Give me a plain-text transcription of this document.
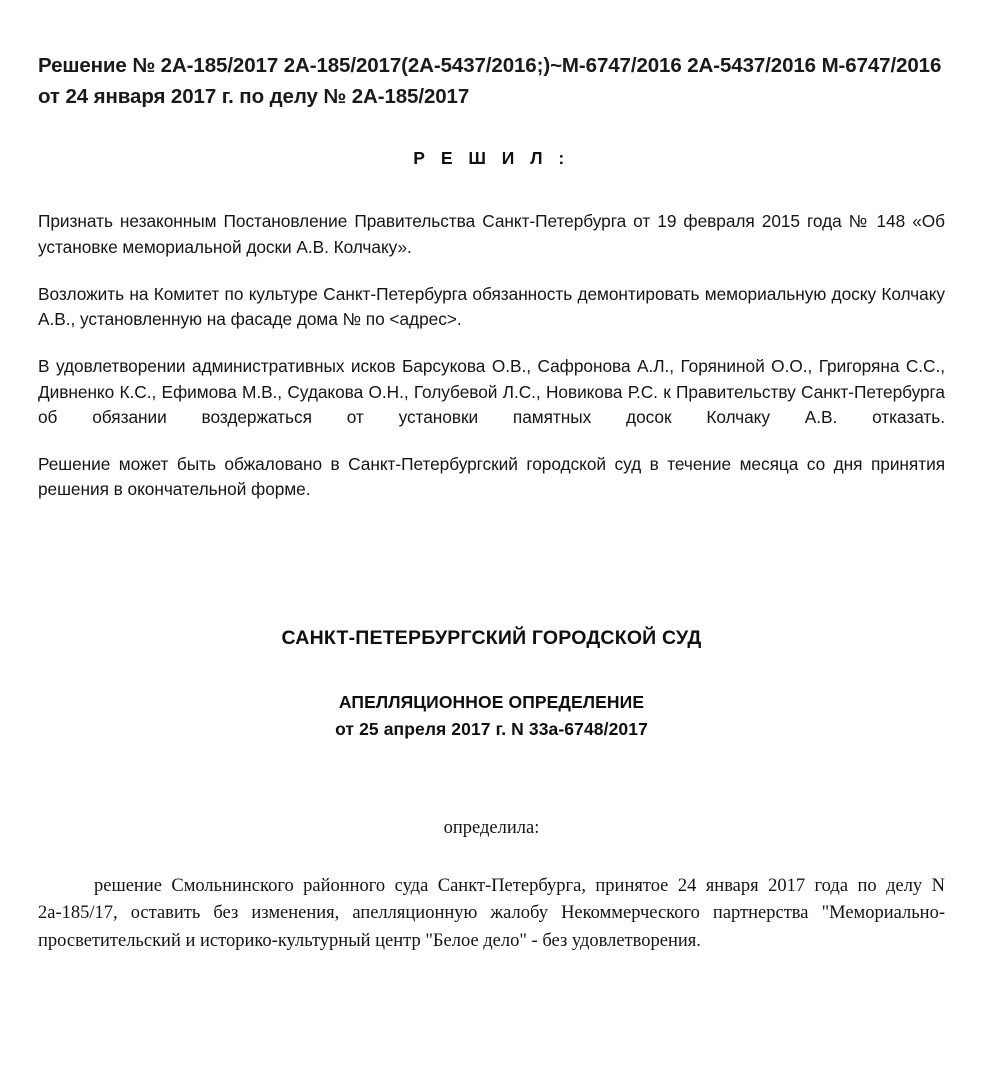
Решение № 2А-185/2017 2А-185/2017(2А-5437/2016;)~М-6747/2016 2А-5437/2016 М-6747/2016 от 24 января 2017 г. по делу № 2А-185/2017
Р Е Ш И Л :

Признать незаконным Постановление Правительства Санкт-Петербурга от 19 февраля 2015 года № 148 «Об установке мемориальной доски А.В. Колчаку».

Возложить на Комитет по культуре Санкт-Петербурга обязанность демонтировать мемориальную доску Колчаку А.В., установленную на фасаде дома № по <адрес>.

В удовлетворении административных исков Барсукова О.В., Сафронова А.Л., Горяниной О.О., Григоряна С.С., Дивненко К.С., Ефимова М.В., Судакова О.Н., Голубевой Л.С., Новикова Р.С. к Правительству Санкт-Петербурга об обязании воздержаться от установки памятных досок Колчаку А.В. отказать.

Решение может быть обжаловано в Санкт-Петербургский городской суд в течение месяца со дня принятия решения в окончательной форме.

САНКТ-ПЕТЕРБУРГСКИЙ ГОРОДСКОЙ СУД
АПЕЛЛЯЦИОННОЕ ОПРЕДЕЛЕНИЕ
от 25 апреля 2017 г. N 33а-6748/2017
определила:

решение Смольнинского районного суда Санкт-Петербурга, принятое 24 января 2017 года по делу N 2а-185/17, оставить без изменения, апелляционную жалобу Некоммерческого партнерства "Мемориально-просветительский и историко-культурный центр "Белое дело" - без удовлетворения.
